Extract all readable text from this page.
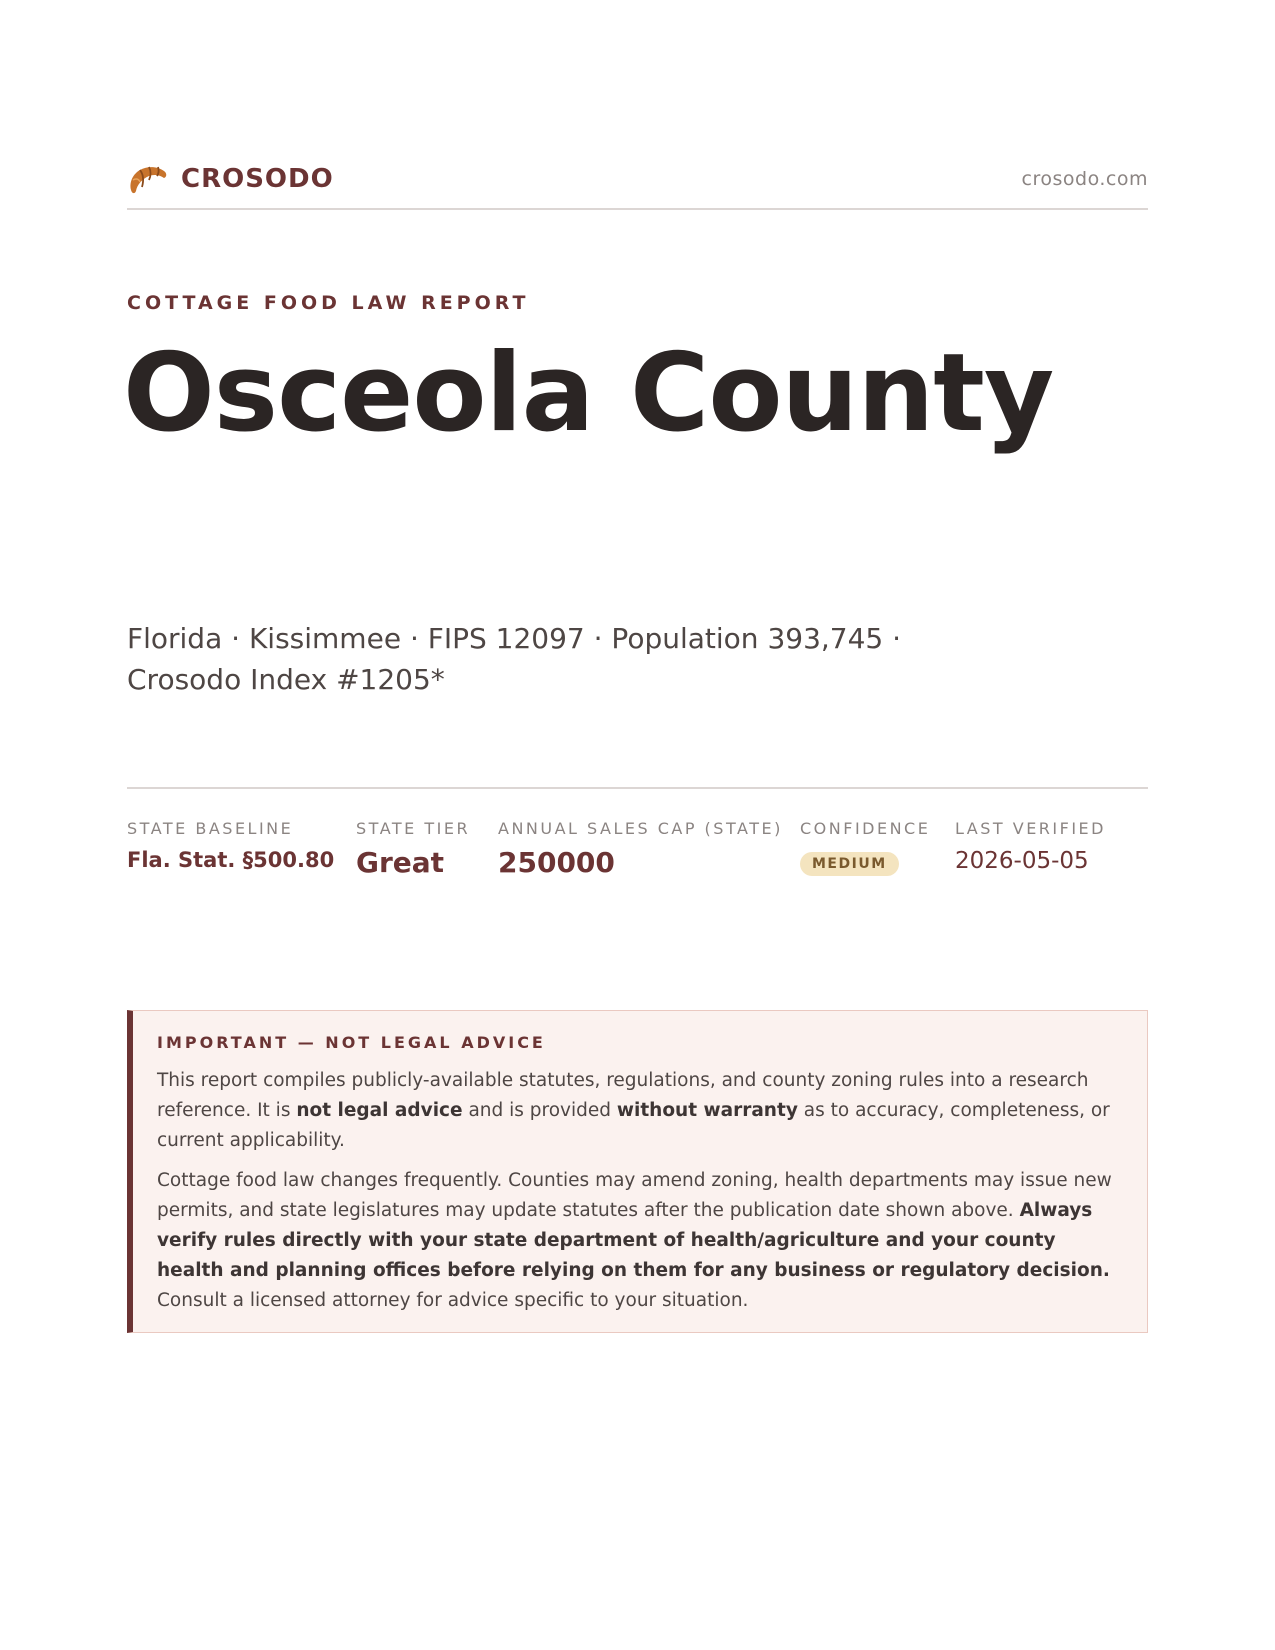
CROSODO	crosodo.com
COTTAGE FOOD LAW REPORT
Osceola County
Florida · Kissimmee · FIPS 12097 · Population 393,745 · Crosodo Index #1205*
STATE BASELINE
Fla. Stat. §500.80
STATE TIER
Great
ANNUAL SALES CAP (STATE)
250000
CONFIDENCE
MEDIUM
LAST VERIFIED
2026-05-05
IMPORTANT — NOT LEGAL ADVICE

This report compiles publicly-available statutes, regulations, and county zoning rules into a research reference. It is not legal advice and is provided without warranty as to accuracy, completeness, or current applicability.

Cottage food law changes frequently. Counties may amend zoning, health departments may issue new permits, and state legislatures may update statutes after the publication date shown above. Always verify rules directly with your state department of health/agriculture and your county health and planning offices before relying on them for any business or regulatory decision. Consult a licensed attorney for advice specific to your situation.
